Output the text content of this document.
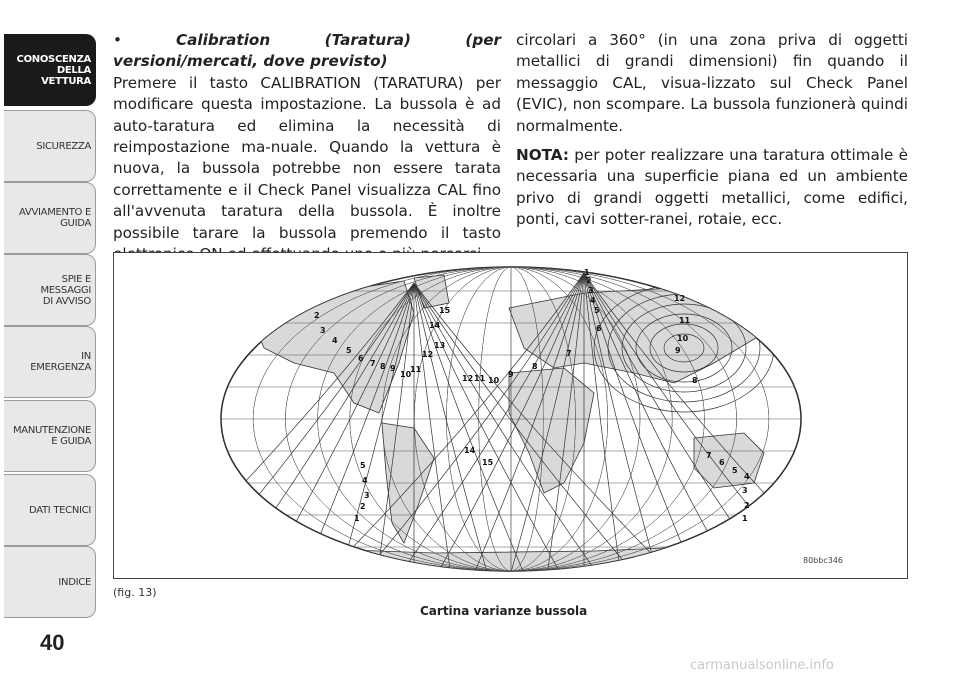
CONOSCENZA
DELLA VETTURA
SICUREZZA
AVVIAMENTO E
GUIDA
SPIE E
MESSAGGI
DI AVVISO
IN
EMERGENZA
MANUTENZIONE
E GUIDA
DATI TECNICI
INDICE
40

•	Calibration (Taratura) (per versioni/mercati, dove previsto)

Premere il tasto CALIBRATION (TARATURA) per modificare questa impostazione. La bussola è ad auto-taratura ed elimina la necessità di reimpostazione ma-nuale. Quando la vettura è nuova, la bussola potrebbe non essere tarata correttamente e il Check Panel visualizza CAL fino all'avvenuta taratura della bussola. È inoltre possibile tarare la bussola premendo il tasto

circolari a 360° (in una zona priva di oggetti metallici di grandi dimensioni) fin quando il messaggio CAL, visua-lizzato sul Check Panel (EVIC), non scompare. La bussola funzionerà quindi normalmente.

NOTA: per poter realizzare una taratura ottimale è necessaria una superficie piana ed un ambiente privo di grandi oggetti metallici, come edifici, ponti, cavi sotter-ranei, rotaie, ecc.

2
3
4
5
6
7 8 9
10
11
12
13
14
15
12 11 10
9
8
7
6
5
4
3
2
1
14
15
5
4
3
2
1
12
11
10
9
8
7
6
5
4
3
2
1
80bbc346
(fig. 13)
Cartina varianze bussola
carmanualsonline.info
